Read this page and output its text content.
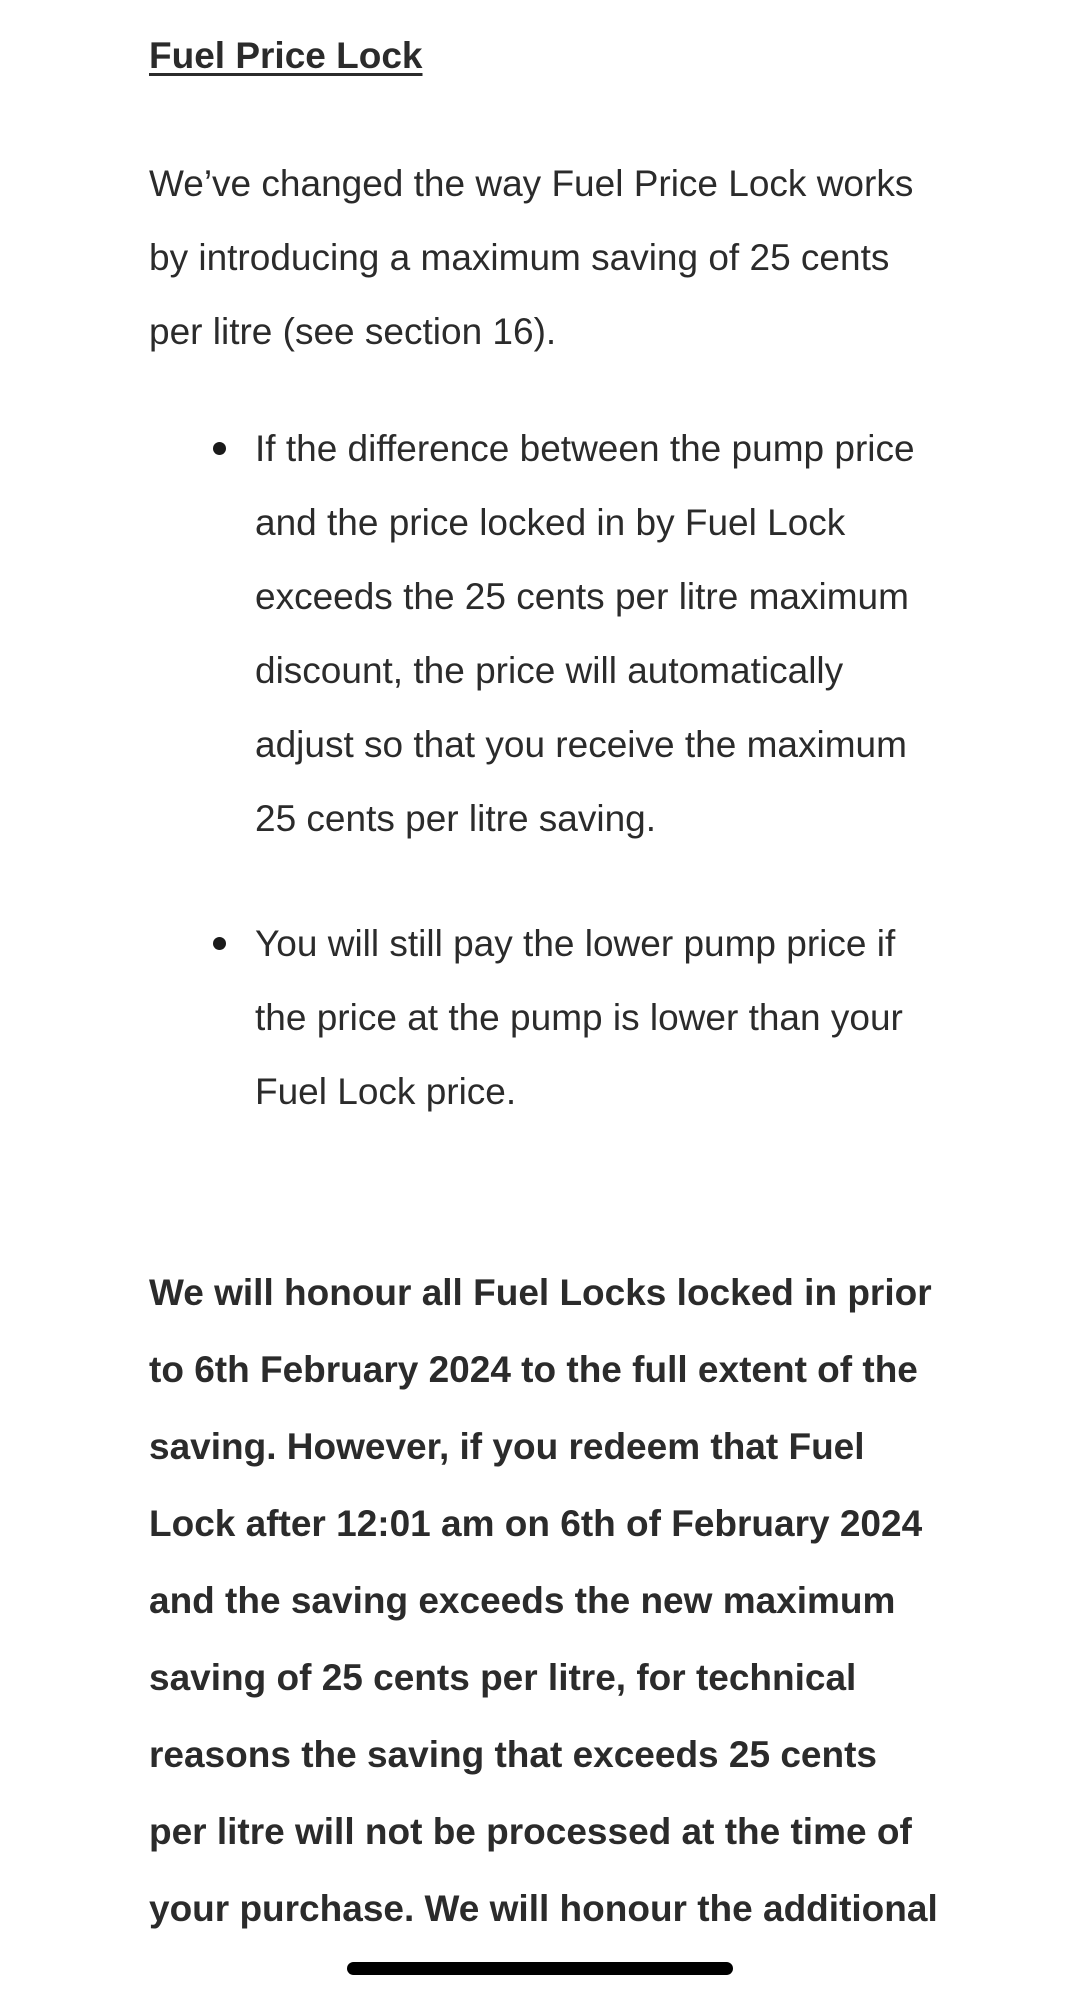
Fuel Price Lock

We’ve changed the way Fuel Price Lock works by introducing a maximum saving of 25 cents per litre (see section 16).

If the difference between the pump price and the price locked in by Fuel Lock exceeds the 25 cents per litre maximum discount, the price will automatically adjust so that you receive the maximum 25 cents per litre saving.
You will still pay the lower pump price if the price at the pump is lower than your Fuel Lock price.

We will honour all Fuel Locks locked in prior to 6th February 2024 to the full extent of the saving. However, if you redeem that Fuel Lock after 12:01 am on 6th of February 2024 and the saving exceeds the new maximum saving of 25 cents per litre, for technical reasons the saving that exceeds 25 cents per litre will not be processed at the time of your purchase. We will honour the additional
